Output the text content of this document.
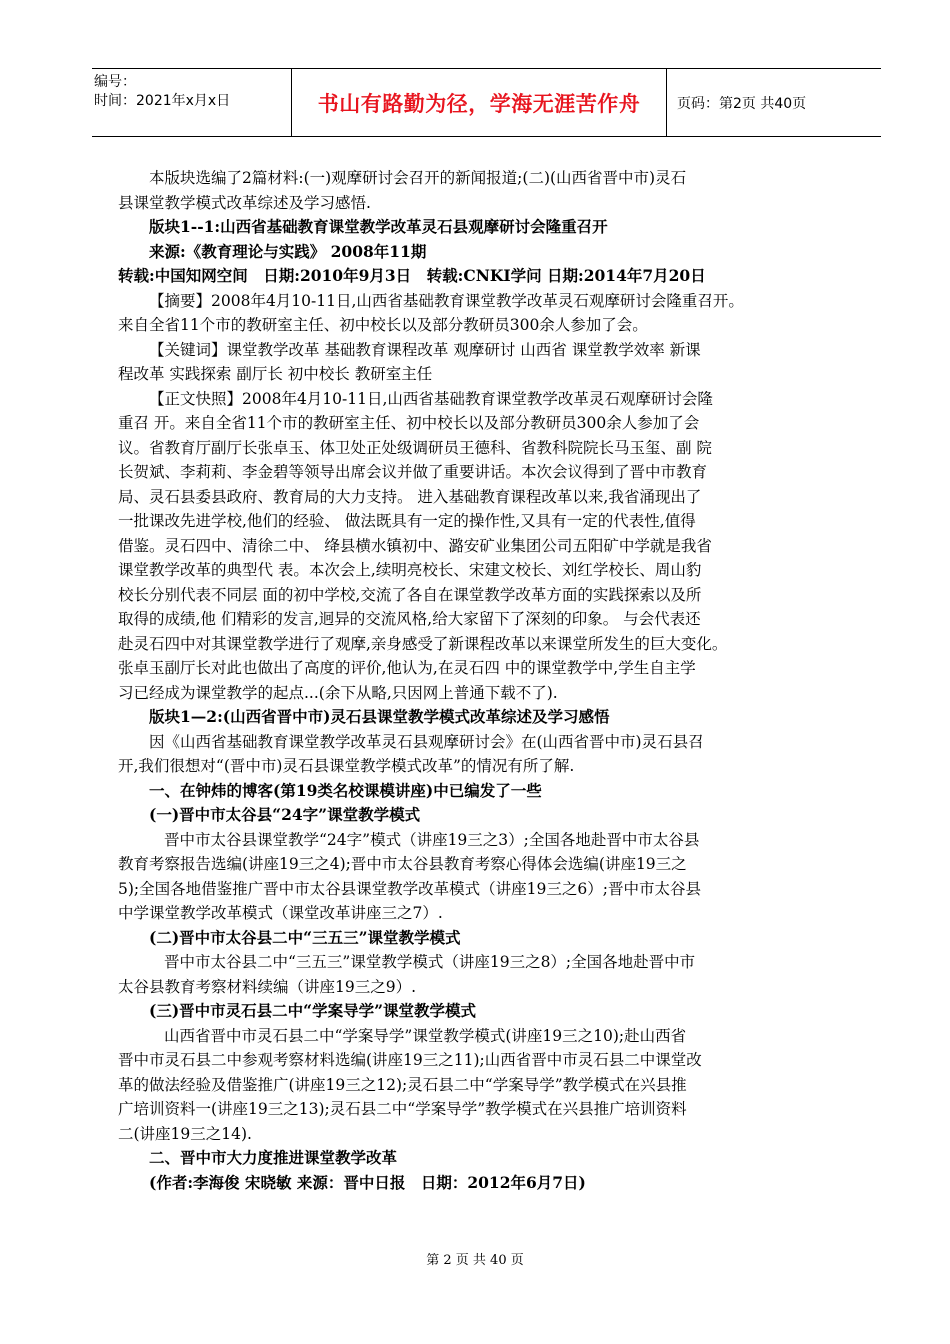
编号：
时间：2021年x月x日	书山有路勤为径，学海无涯苦作舟	页码：第2页 共40页
本版块选编了2篇材料:(一)观摩研讨会召开的新闻报道;(二)(山西省晋中市)灵石
县课堂教学模式改革综述及学习感悟.
版块1--1:山西省基础教育课堂教学改革灵石县观摩研讨会隆重召开
来源:《教育理论与实践》 2008年11期
转载:中国知网空间　日期:2010年9月3日　转载:CNKI学问 日期:2014年7月20日
【摘要】2008年4月10-11日,山西省基础教育课堂教学改革灵石观摩研讨会隆重召开。
来自全省11个市的教研室主任、初中校长以及部分教研员300余人参加了会。
【关键词】课堂教学改革 基础教育课程改革 观摩研讨 山西省 课堂教学效率 新课
程改革 实践探索 副厅长 初中校长 教研室主任
【正文快照】2008年4月10-11日,山西省基础教育课堂教学改革灵石观摩研讨会隆
重召 开。来自全省11个市的教研室主任、初中校长以及部分教研员300余人参加了会
议。省教育厅副厅长张卓玉、体卫处正处级调研员王德科、省教科院院长马玉玺、副 院
长贺斌、李莉莉、李金碧等领导出席会议并做了重要讲话。本次会议得到了晋中市教育
局、灵石县委县政府、教育局的大力支持。 进入基础教育课程改革以来,我省涌现出了
一批课改先进学校,他们的经验、 做法既具有一定的操作性,又具有一定的代表性,值得
借鉴。灵石四中、清徐二中、 绛县横水镇初中、潞安矿业集团公司五阳矿中学就是我省
课堂教学改革的典型代 表。本次会上,续明亮校长、宋建文校长、刘红学校长、周山豹
校长分别代表不同层 面的初中学校,交流了各自在课堂教学改革方面的实践探索以及所
取得的成绩,他 们精彩的发言,迥异的交流风格,给大家留下了深刻的印象。 与会代表还
赴灵石四中对其课堂教学进行了观摩,亲身感受了新课程改革以来课堂所发生的巨大变化。
张卓玉副厅长对此也做出了高度的评价,他认为,在灵石四 中的课堂教学中,学生自主学
习已经成为课堂教学的起点...(余下从略,只因网上普通下载不了).
版块1—2:(山西省晋中市)灵石县课堂教学模式改革综述及学习感悟
因《山西省基础教育课堂教学改革灵石县观摩研讨会》在(山西省晋中市)灵石县召
开,我们很想对“(晋中市)灵石县课堂教学模式改革”的情况有所了解.
一、在钟炜的博客(第19类名校课模讲座)中已编发了一些
(一)晋中市太谷县“24字”课堂教学模式
晋中市太谷县课堂教学“24字”模式（讲座19三之3）;全国各地赴晋中市太谷县
教育考察报告选编(讲座19三之4);晋中市太谷县教育考察心得体会选编(讲座19三之
5);全国各地借鉴推广晋中市太谷县课堂教学改革模式（讲座19三之6）;晋中市太谷县
中学课堂教学改革模式（课堂改革讲座三之7）.
(二)晋中市太谷县二中“三五三”课堂教学模式
晋中市太谷县二中“三五三”课堂教学模式（讲座19三之8）;全国各地赴晋中市
太谷县教育考察材料续编（讲座19三之9）.
(三)晋中市灵石县二中“学案导学”课堂教学模式
山西省晋中市灵石县二中“学案导学”课堂教学模式(讲座19三之10);赴山西省
晋中市灵石县二中参观考察材料选编(讲座19三之11);山西省晋中市灵石县二中课堂改
革的做法经验及借鉴推广(讲座19三之12);灵石县二中“学案导学”教学模式在兴县推
广培训资料一(讲座19三之13);灵石县二中“学案导学”教学模式在兴县推广培训资料
二(讲座19三之14).
二、晋中市大力度推进课堂教学改革
(作者:李海俊 宋晓敏 来源：晋中日报　日期：2012年6月7日)
第 2 页 共 40 页
